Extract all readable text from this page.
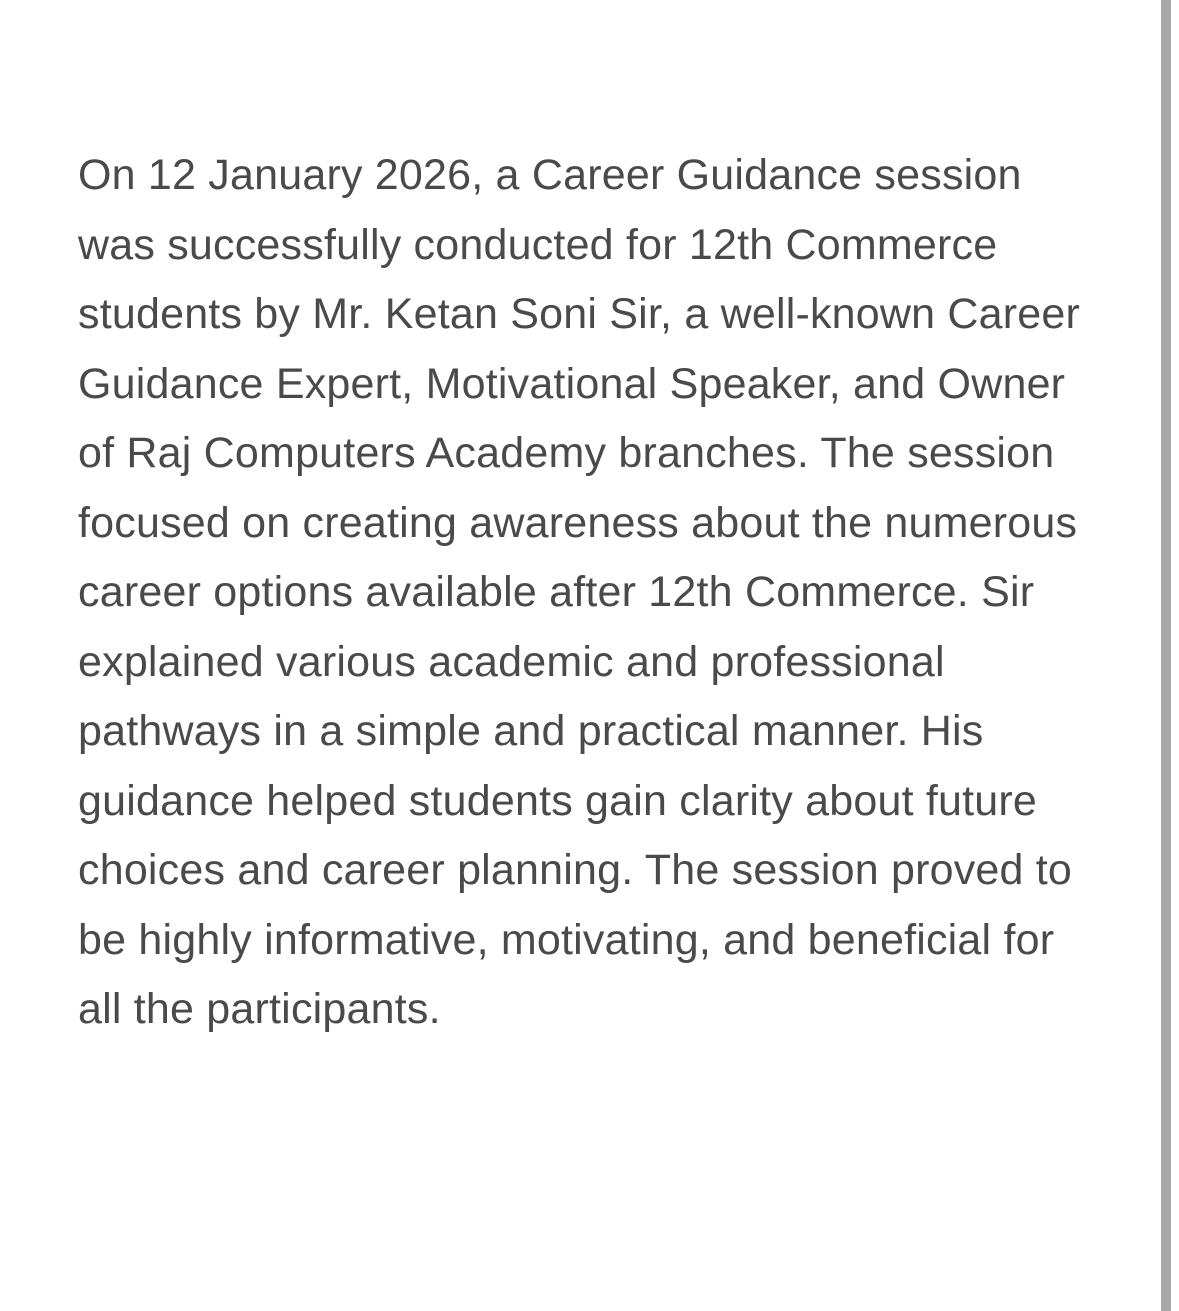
On 12 January 2026, a Career Guidance session
was successfully conducted for 12th Commerce
students by Mr. Ketan Soni Sir, a well-known Career
Guidance Expert, Motivational Speaker, and Owner
of Raj Computers Academy branches. The session
focused on creating awareness about the numerous
career options available after 12th Commerce. Sir
explained various academic and professional
pathways in a simple and practical manner. His
guidance helped students gain clarity about future
choices and career planning. The session proved to
be highly informative, motivating, and beneficial for
all the participants.
